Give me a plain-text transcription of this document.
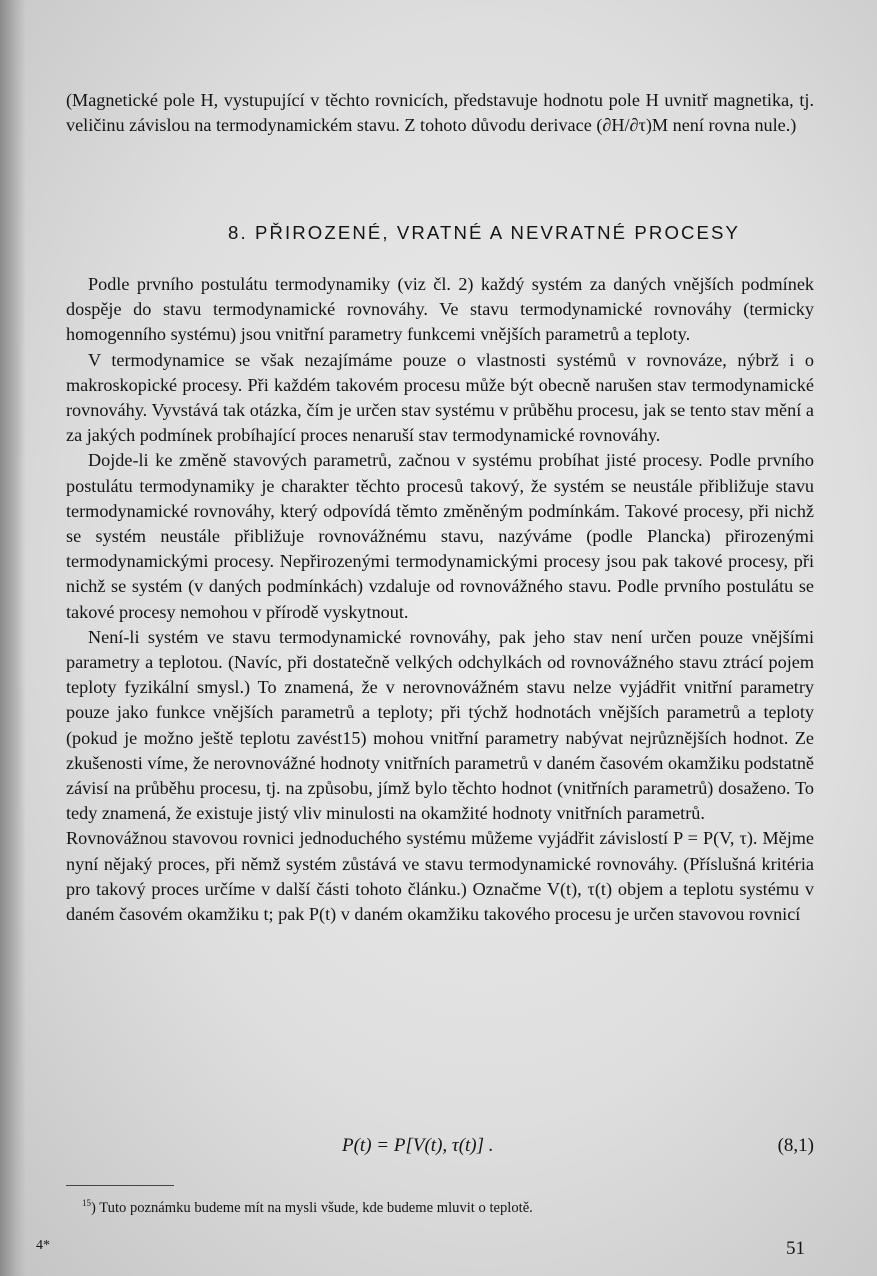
(Magnetické pole H, vystupující v těchto rovnicích, představuje hodnotu pole H uvnitř magnetika, tj. veličinu závislou na termodynamickém stavu. Z tohoto důvodu derivace (∂H/∂τ)M není rovna nule.)

8. PŘIROZENÉ, VRATNÉ A NEVRATNÉ PROCESY

Podle prvního postulátu termodynamiky (viz čl. 2) každý systém za daných vnějších podmínek dospěje do stavu termodynamické rovnováhy. Ve stavu termodynamické rovnováhy (termicky homogenního systému) jsou vnitřní parametry funkcemi vnějších parametrů a teploty.

V termodynamice se však nezajímáme pouze o vlastnosti systémů v rovnováze, nýbrž i o makroskopické procesy. Při každém takovém procesu může být obecně narušen stav termodynamické rovnováhy. Vyvstává tak otázka, čím je určen stav systému v průběhu procesu, jak se tento stav mění a za jakých podmínek probíhající proces nenaruší stav termodynamické rovnováhy.

Dojde-li ke změně stavových parametrů, začnou v systému probíhat jisté procesy. Podle prvního postulátu termodynamiky je charakter těchto procesů takový, že systém se neustále přibližuje stavu termodynamické rovnováhy, který odpovídá těmto změněným podmínkám. Takové procesy, při nichž se systém neustále přibližuje rovnovážnému stavu, nazýváme (podle Plancka) přirozenými termodynamickými procesy. Nepřirozenými termodynamickými procesy jsou pak takové procesy, při nichž se systém (v daných podmínkách) vzdaluje od rovnovážného stavu. Podle prvního postulátu se takové procesy nemohou v přírodě vyskytnout.

Není-li systém ve stavu termodynamické rovnováhy, pak jeho stav není určen pouze vnějšími parametry a teplotou. (Navíc, při dostatečně velkých odchylkách od rovnovážného stavu ztrácí pojem teploty fyzikální smysl.) To znamená, že v nerovnovážném stavu nelze vyjádřit vnitřní parametry pouze jako funkce vnějších parametrů a teploty; při týchž hodnotách vnějších parametrů a teploty (pokud je možno ještě teplotu zavést15) mohou vnitřní parametry nabývat nejrůznějších hodnot. Ze zkušenosti víme, že nerovnovážné hodnoty vnitřních parametrů v daném časovém okamžiku podstatně závisí na průběhu procesu, tj. na způsobu, jímž bylo těchto hodnot (vnitřních parametrů) dosaženo. To tedy znamená, že existuje jistý vliv minulosti na okamžité hodnoty vnitřních parametrů.

Rovnovážnou stavovou rovnici jednoduchého systému můžeme vyjádřit závislostí P = P(V, τ). Mějme nyní nějaký proces, při němž systém zůstává ve stavu termodynamické rovnováhy. (Příslušná kritéria pro takový proces určíme v další části tohoto článku.) Označme V(t), τ(t) objem a teplotu systému v daném časovém okamžiku t; pak P(t) v daném okamžiku takového procesu je určen stavovou rovnicí

P(t) = P[V(t), τ(t)] .	(8,1)
$^{15}$) Tuto poznámku budeme mít na mysli všude, kde budeme mluvit o teplotě.
4*	51
